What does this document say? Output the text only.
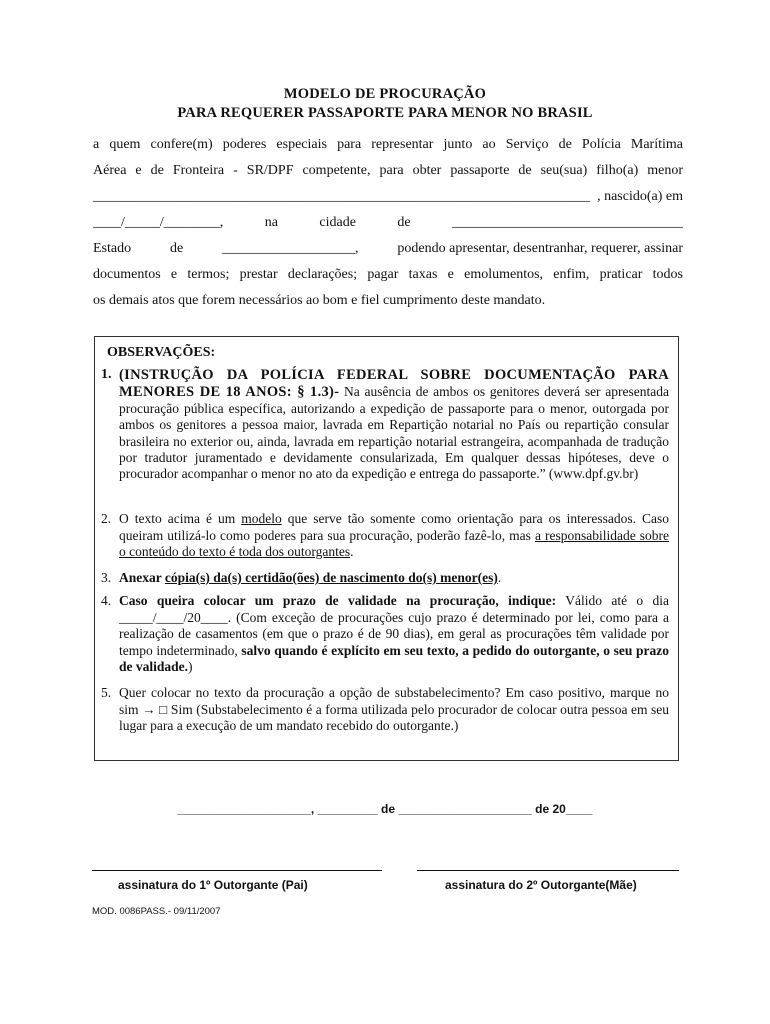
MODELO DE PROCURAÇÃO
PARA REQUERER PASSAPORTE PARA MENOR NO BRASIL
a quem confere(m) poderes especiais para representar junto ao Serviço de Polícia Marítima
Aérea e de Fronteira - SR/DPF competente, para obter passaporte de seu(sua) filho(a) menor
_______________________________________________________________________ , nascido(a) em
____/_____/________,	na	cidade	de	_________________________________
Estado	de	___________________,	podendo apresentar, desentranhar, requerer, assinar
documentos e termos; prestar declarações; pagar taxas e emolumentos, enfim, praticar todos
os demais atos que forem necessários ao bom e fiel cumprimento deste mandato.
OBSERVAÇÕES:
1. (INSTRUÇÃO DA POLÍCIA FEDERAL SOBRE DOCUMENTAÇÃO PARA MENORES DE 18 ANOS: § 1.3)- Na ausência de ambos os genitores deverá ser apresentada procuração pública específica, autorizando a expedição de passaporte para o menor, outorgada por ambos os genitores a pessoa maior, lavrada em Repartição notarial no País ou repartição consular brasileira no exterior ou, ainda, lavrada em repartição notarial estrangeira, acompanhada de tradução por tradutor juramentado e devidamente consularizada, Em qualquer dessas hipóteses, deve o procurador acompanhar o menor no ato da expedição e entrega do passaporte.” (www.dpf.gv.br)
2. O texto acima é um modelo que serve tão somente como orientação para os interessados. Caso queiram utilizá-lo como poderes para sua procuração, poderão fazê-lo, mas a responsabilidade sobre o conteúdo do texto é toda dos outorgantes.
3. Anexar cópia(s) da(s) certidão(ões) de nascimento do(s) menor(es).
4. Caso queira colocar um prazo de validade na procuração, indique: Válido até o dia _____/____/20____. (Com exceção de procurações cujo prazo é determinado por lei, como para a realização de casamentos (em que o prazo é de 90 dias), em geral as procurações têm validade por tempo indeterminado, salvo quando é explícito em seu texto, a pedido do outorgante, o seu prazo de validade.)
5. Quer colocar no texto da procuração a opção de substabelecimento? Em caso positivo, marque no sim → □ Sim (Substabelecimento é a forma utilizada pelo procurador de colocar outra pessoa em seu lugar para a execução de um mandato recebido do outorgante.)
____________________, _________ de ____________________ de 20____
assinatura do 1º Outorgante (Pai)	assinatura do 2º Outorgante(Mãe)
MOD. 0086PASS.- 09/11/2007
